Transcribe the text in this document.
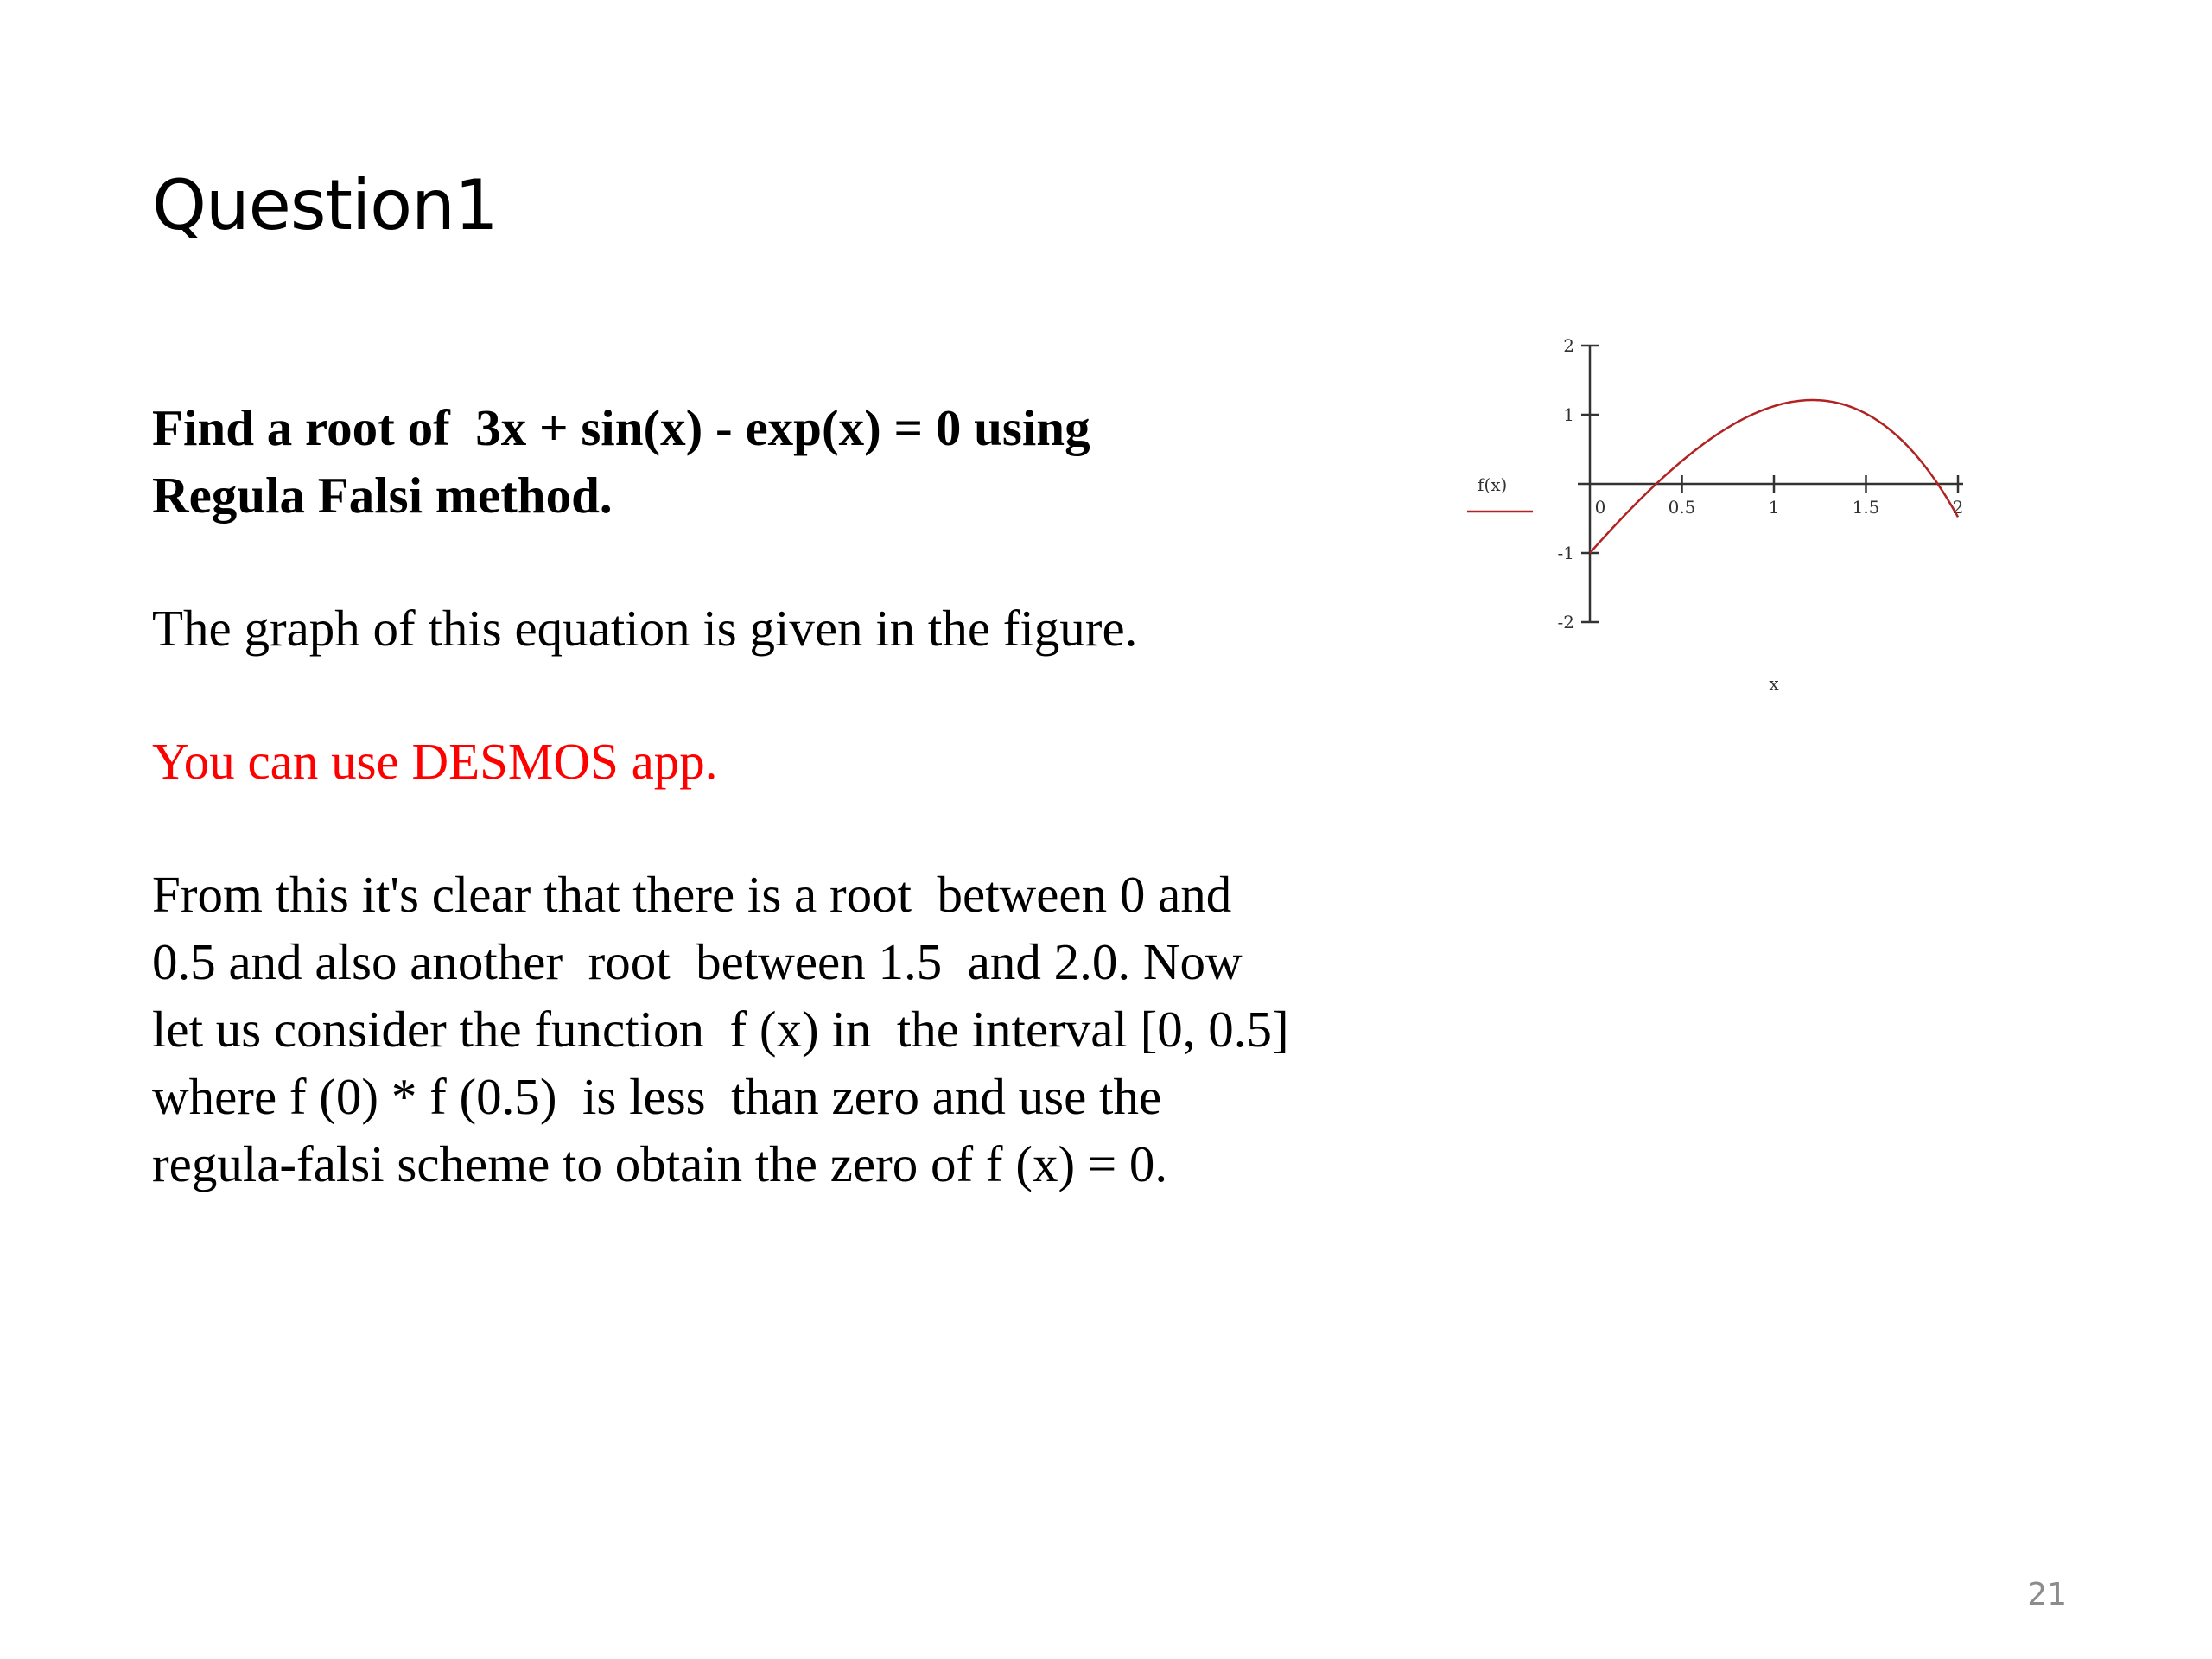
Question1

Find a root of  3x + sin(x) - exp(x) = 0 using

Regula Falsi method.

The graph of this equation is given in the figure.

You can use DESMOS app.

From this it's clear that there is a root  between 0 and 0.5 and also another  root  between 1.5  and 2.0. Now let us consider the function  f (x) in  the interval [0, 0.5] where f (0) * f (0.5)  is less  than zero and use the regula-falsi scheme to obtain the zero of f (x) = 0.

2
1
-1
-2
0	0.5	1	1.5	2
f(x)
x
21
